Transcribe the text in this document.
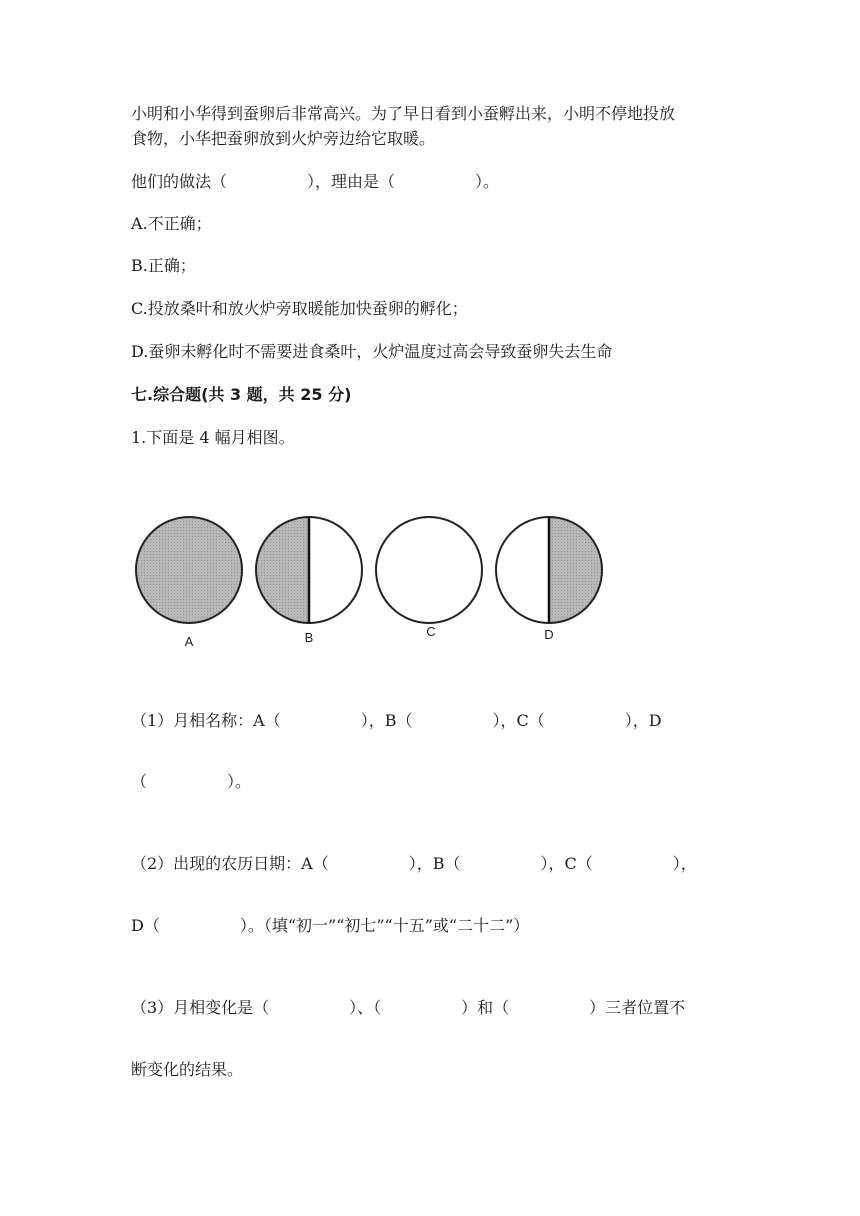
小明和小华得到蚕卵后非常高兴。为了早日看到小蚕孵出来，小明不停地投放
食物，小华把蚕卵放到火炉旁边给它取暖。
他们的做法（　　　　　），理由是（　　　　　）。
A.不正确；
B.正确；
C.投放桑叶和放火炉旁取暖能加快蚕卵的孵化；
D.蚕卵未孵化时不需要进食桑叶，火炉温度过高会导致蚕卵失去生命
七.综合题(共 3 题，共 25 分)
1.下面是 4 幅月相图。
A	B	C	D
（1）月相名称：A（　　　　　），B（　　　　　），C（　　　　　），D
（　　　　　）。
（2）出现的农历日期：A（　　　　　），B（　　　　　），C（　　　　　），
D（　　　　　）。（填“初一”“初七”“十五”或“二十二”）
（3）月相变化是（　　　　　）、（　　　　　）和（　　　　　）三者位置不
断变化的结果。
